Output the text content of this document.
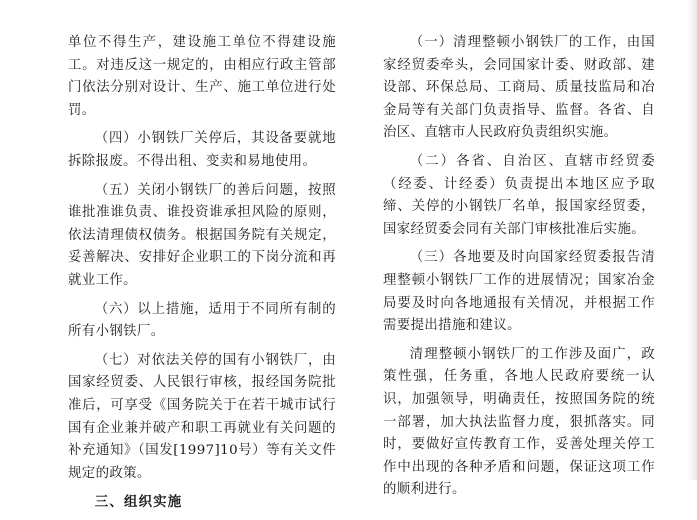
单位不得生产，建设施工单位不得建设施工。对违反这一规定的，由相应行政主管部门依法分别对设计、生产、施工单位进行处罚。

（四）小钢铁厂关停后，其设备要就地拆除报废。不得出租、变卖和易地使用。

（五）关闭小钢铁厂的善后问题，按照谁批准谁负责、谁投资谁承担风险的原则，依法清理债权债务。根据国务院有关规定，妥善解决、安排好企业职工的下岗分流和再就业工作。

（六）以上措施，适用于不同所有制的所有小钢铁厂。

（七）对依法关停的国有小钢铁厂，由国家经贸委、人民银行审核，报经国务院批准后，可享受《国务院关于在若干城市试行国有企业兼并破产和职工再就业有关问题的补充通知》（国发[1997]10号）等有关文件规定的政策。

三、组织实施

（一）清理整顿小钢铁厂的工作，由国家经贸委牵头，会同国家计委、财政部、建设部、环保总局、工商局、质量技监局和冶金局等有关部门负责指导、监督。各省、自治区、直辖市人民政府负责组织实施。

（二）各省、自治区、直辖市经贸委（经委、计经委）负责提出本地区应予取缔、关停的小钢铁厂名单，报国家经贸委，国家经贸委会同有关部门审核批准后实施。

（三）各地要及时向国家经贸委报告清理整顿小钢铁厂工作的进展情况；国家冶金局要及时向各地通报有关情况，并根据工作需要提出措施和建议。

清理整顿小钢铁厂的工作涉及面广，政策性强，任务重，各地人民政府要统一认识，加强领导，明确责任，按照国务院的统一部署，加大执法监督力度，狠抓落实。同时，要做好宣传教育工作，妥善处理关停工作中出现的各种矛盾和问题，保证这项工作的顺利进行。
